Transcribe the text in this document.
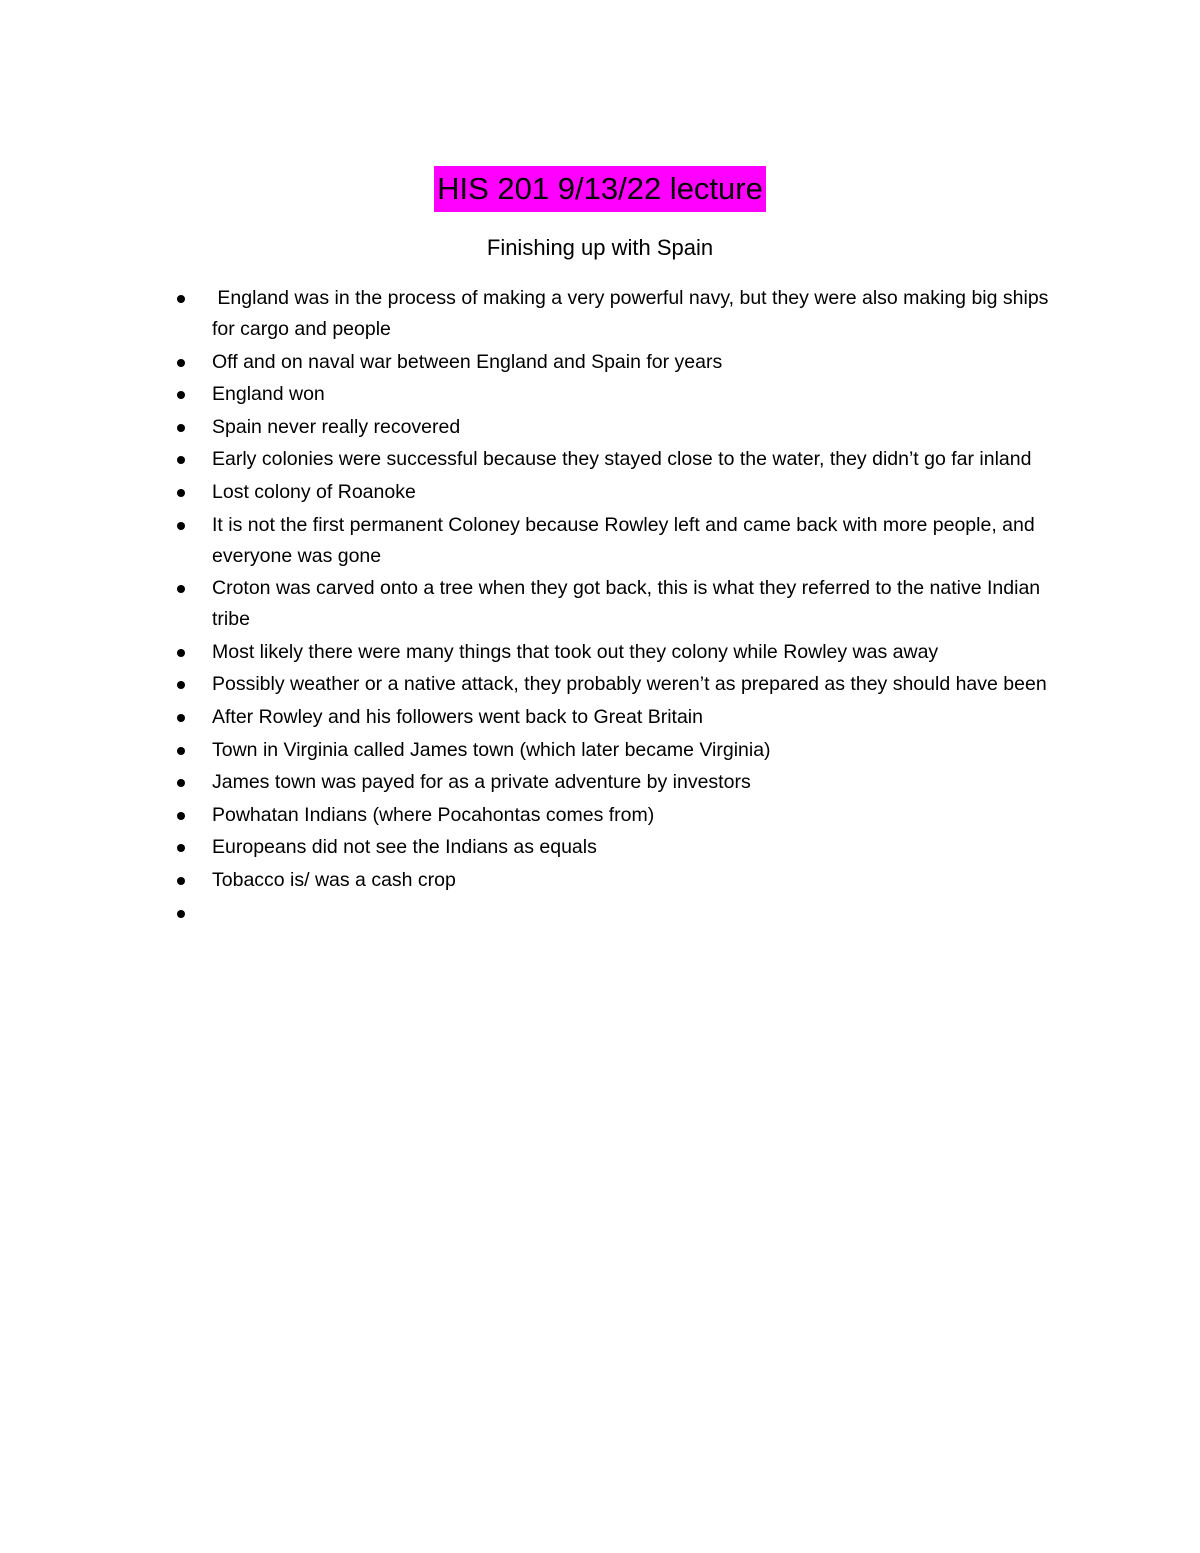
HIS 201 9/13/22 lecture
Finishing up with Spain
England was in the process of making a very powerful navy, but they were also making big ships for cargo and people
Off and on naval war between England and Spain for years
England won
Spain never really recovered
Early colonies were successful because they stayed close to the water, they didn’t go far inland
Lost colony of Roanoke
It is not the first permanent Coloney because Rowley left and came back with more people, and everyone was gone
Croton was carved onto a tree when they got back, this is what they referred to the native Indian tribe
Most likely there were many things that took out they colony while Rowley was away
Possibly weather or a native attack, they probably weren’t as prepared as they should have been
After Rowley and his followers went back to Great Britain
Town in Virginia called James town (which later became Virginia)
James town was payed for as a private adventure by investors
Powhatan Indians (where Pocahontas comes from)
Europeans did not see the Indians as equals
Tobacco is/ was a cash crop
